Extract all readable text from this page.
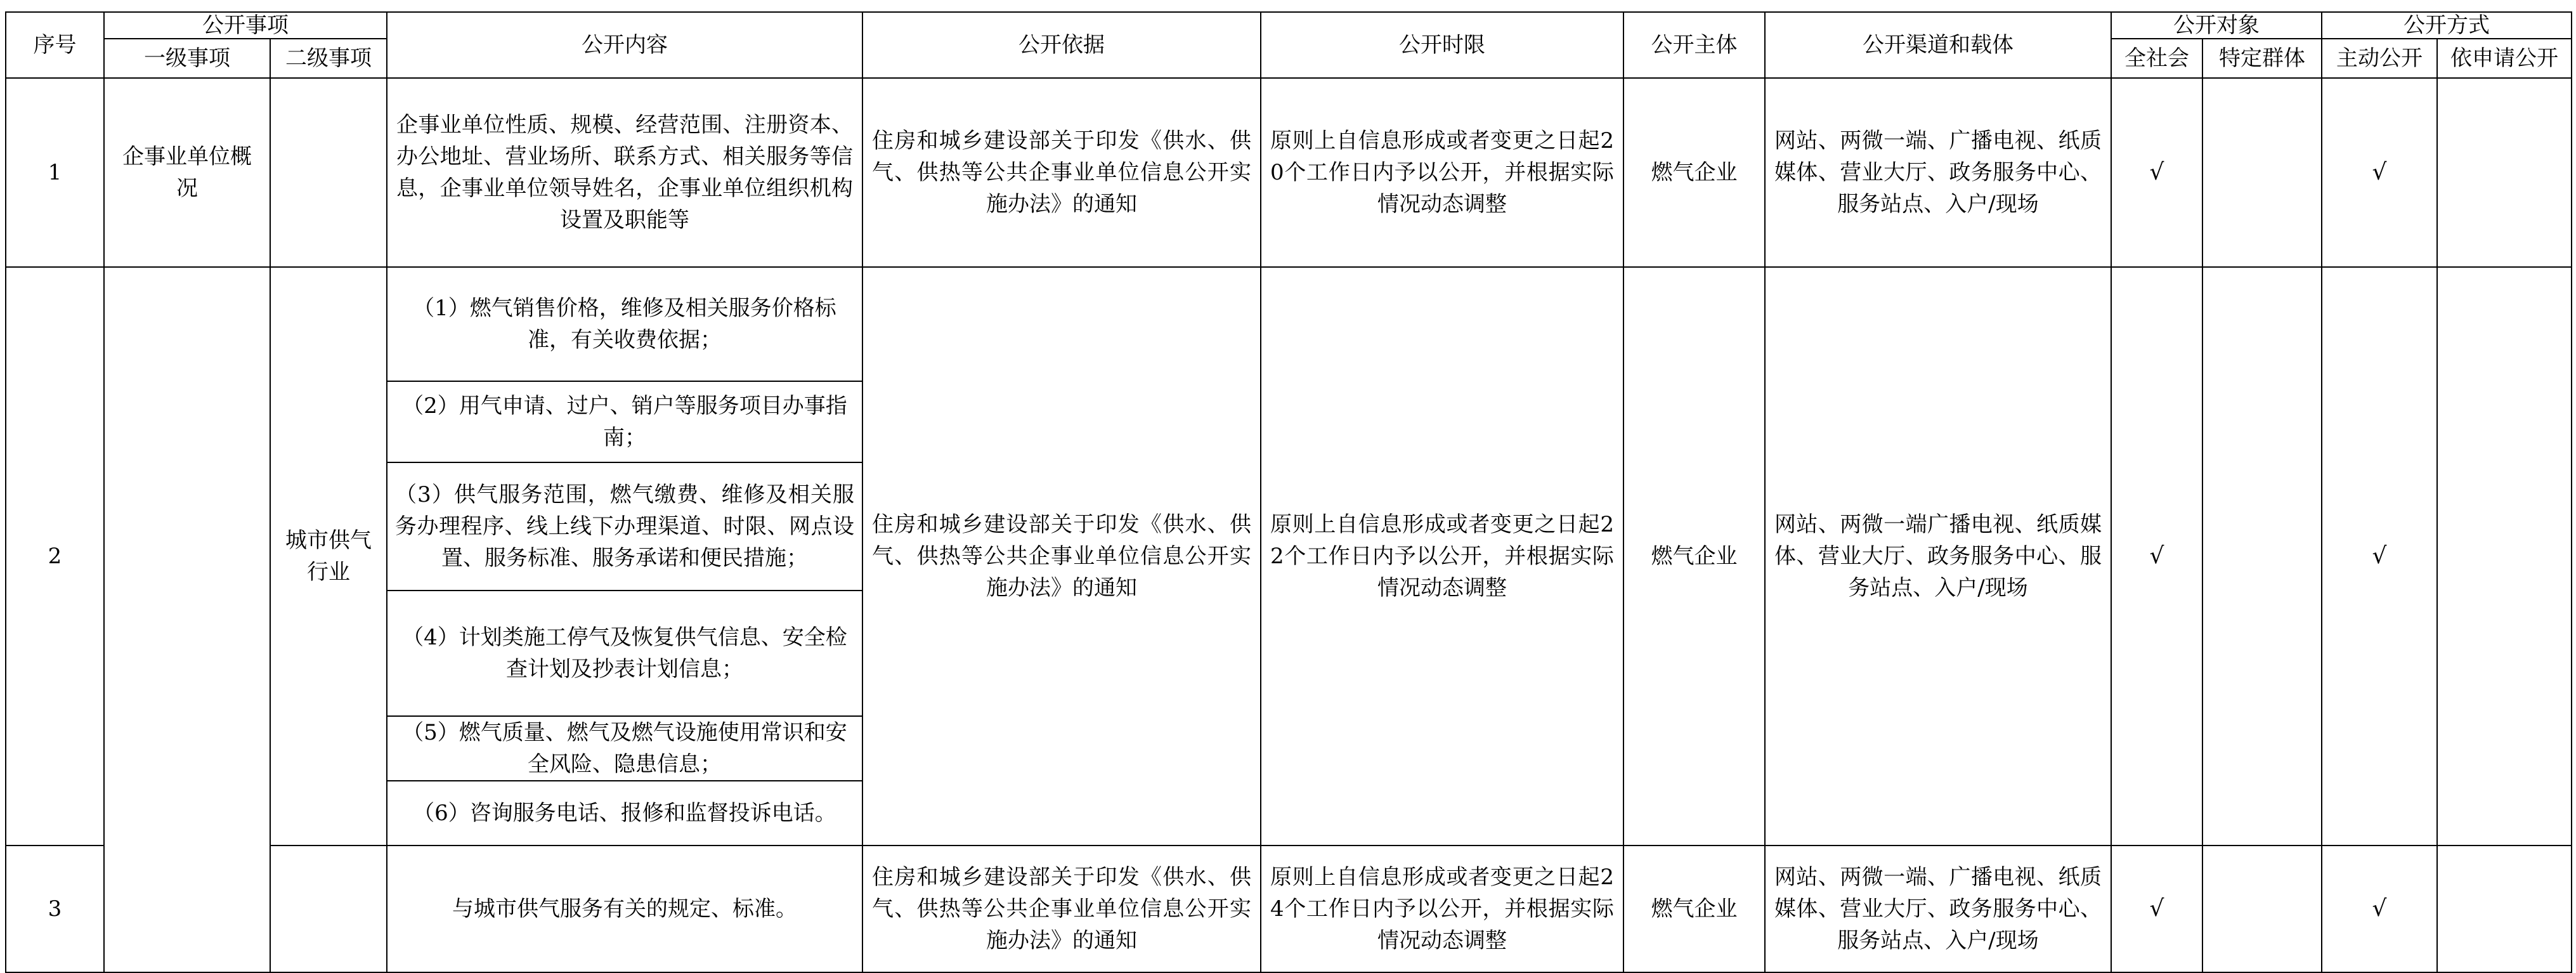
序号	公开事项		公开内容	公开依据	公开时限	公开主体	公开渠道和载体	公开对象		公开方式	
	一级事项	二级事项						全社会	特定群体	主动公开	依申请公开
1	企事业单位概况		企事业单位性质、规模、经营范围、注册资本、办公地址、营业场所、联系方式、相关服务等信息，企事业单位领导姓名，企事业单位组织机构设置及职能等	住房和城乡建设部关于印发《供水、供气、供热等公共企事业单位信息公开实施办法》的通知	原则上自信息形成或者变更之日起20个工作日内予以公开，并根据实际情况动态调整	燃气企业	网站、两微一端、广播电视、纸质媒体、营业大厅、政务服务中心、服务站点、入户/现场	√		√	
2		城市供气行业	（1）燃气销售价格，维修及相关服务价格标准，有关收费依据；	住房和城乡建设部关于印发《供水、供气、供热等公共企事业单位信息公开实施办法》的通知	原则上自信息形成或者变更之日起22个工作日内予以公开，并根据实际情况动态调整	燃气企业	网站、两微一端广播电视、纸质媒体、营业大厅、政务服务中心、服务站点、入户/现场	√		√	
			（2）用气申请、过户、销户等服务项目办事指南；								
			（3）供气服务范围，燃气缴费、维修及相关服务办理程序、线上线下办理渠道、时限、网点设置、服务标准、服务承诺和便民措施；								
			（4）计划类施工停气及恢复供气信息、安全检查计划及抄表计划信息；								
			（5）燃气质量、燃气及燃气设施使用常识和安全风险、隐患信息；								
			（6）咨询服务电话、报修和监督投诉电话。								
3			与城市供气服务有关的规定、标准。	住房和城乡建设部关于印发《供水、供气、供热等公共企事业单位信息公开实施办法》的通知	原则上自信息形成或者变更之日起24个工作日内予以公开，并根据实际情况动态调整	燃气企业	网站、两微一端、广播电视、纸质媒体、营业大厅、政务服务中心、服务站点、入户/现场	√		√	
